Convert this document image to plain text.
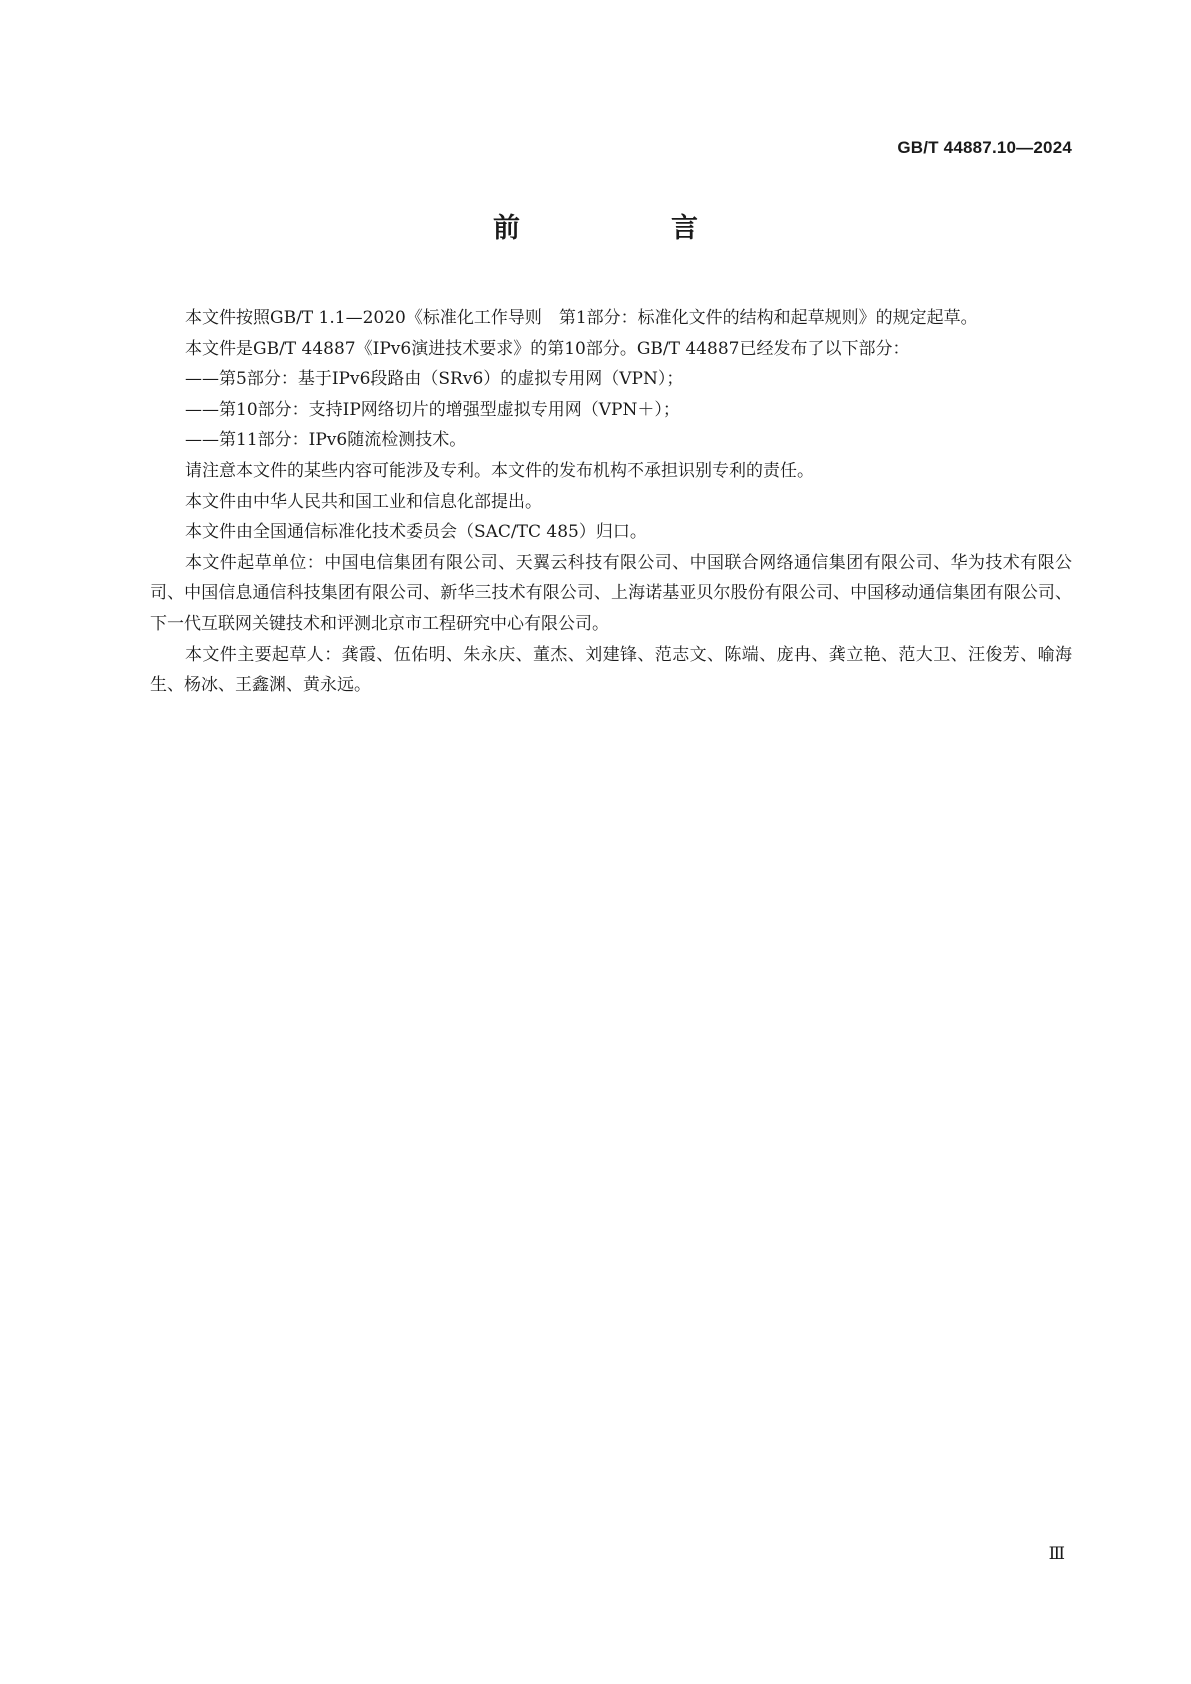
GB/T 44887.10—2024
前　言

本文件按照GB/T 1.1—2020《标准化工作导则　第1部分：标准化文件的结构和起草规则》的规定起草。

本文件是GB/T 44887《IPv6演进技术要求》的第10部分。GB/T 44887已经发布了以下部分：

——第5部分：基于IPv6段路由（SRv6）的虚拟专用网（VPN）；

——第10部分：支持IP网络切片的增强型虚拟专用网（VPN＋）；

——第11部分：IPv6随流检测技术。

请注意本文件的某些内容可能涉及专利。本文件的发布机构不承担识别专利的责任。

本文件由中华人民共和国工业和信息化部提出。

本文件由全国通信标准化技术委员会（SAC/TC 485）归口。

本文件起草单位：中国电信集团有限公司、天翼云科技有限公司、中国联合网络通信集团有限公司、华为技术有限公司、中国信息通信科技集团有限公司、新华三技术有限公司、上海诺基亚贝尔股份有限公司、中国移动通信集团有限公司、下一代互联网关键技术和评测北京市工程研究中心有限公司。

本文件主要起草人：龚霞、伍佑明、朱永庆、董杰、刘建锋、范志文、陈端、庞冉、龚立艳、范大卫、汪俊芳、喻海生、杨冰、王鑫渊、黄永远。

Ⅲ
